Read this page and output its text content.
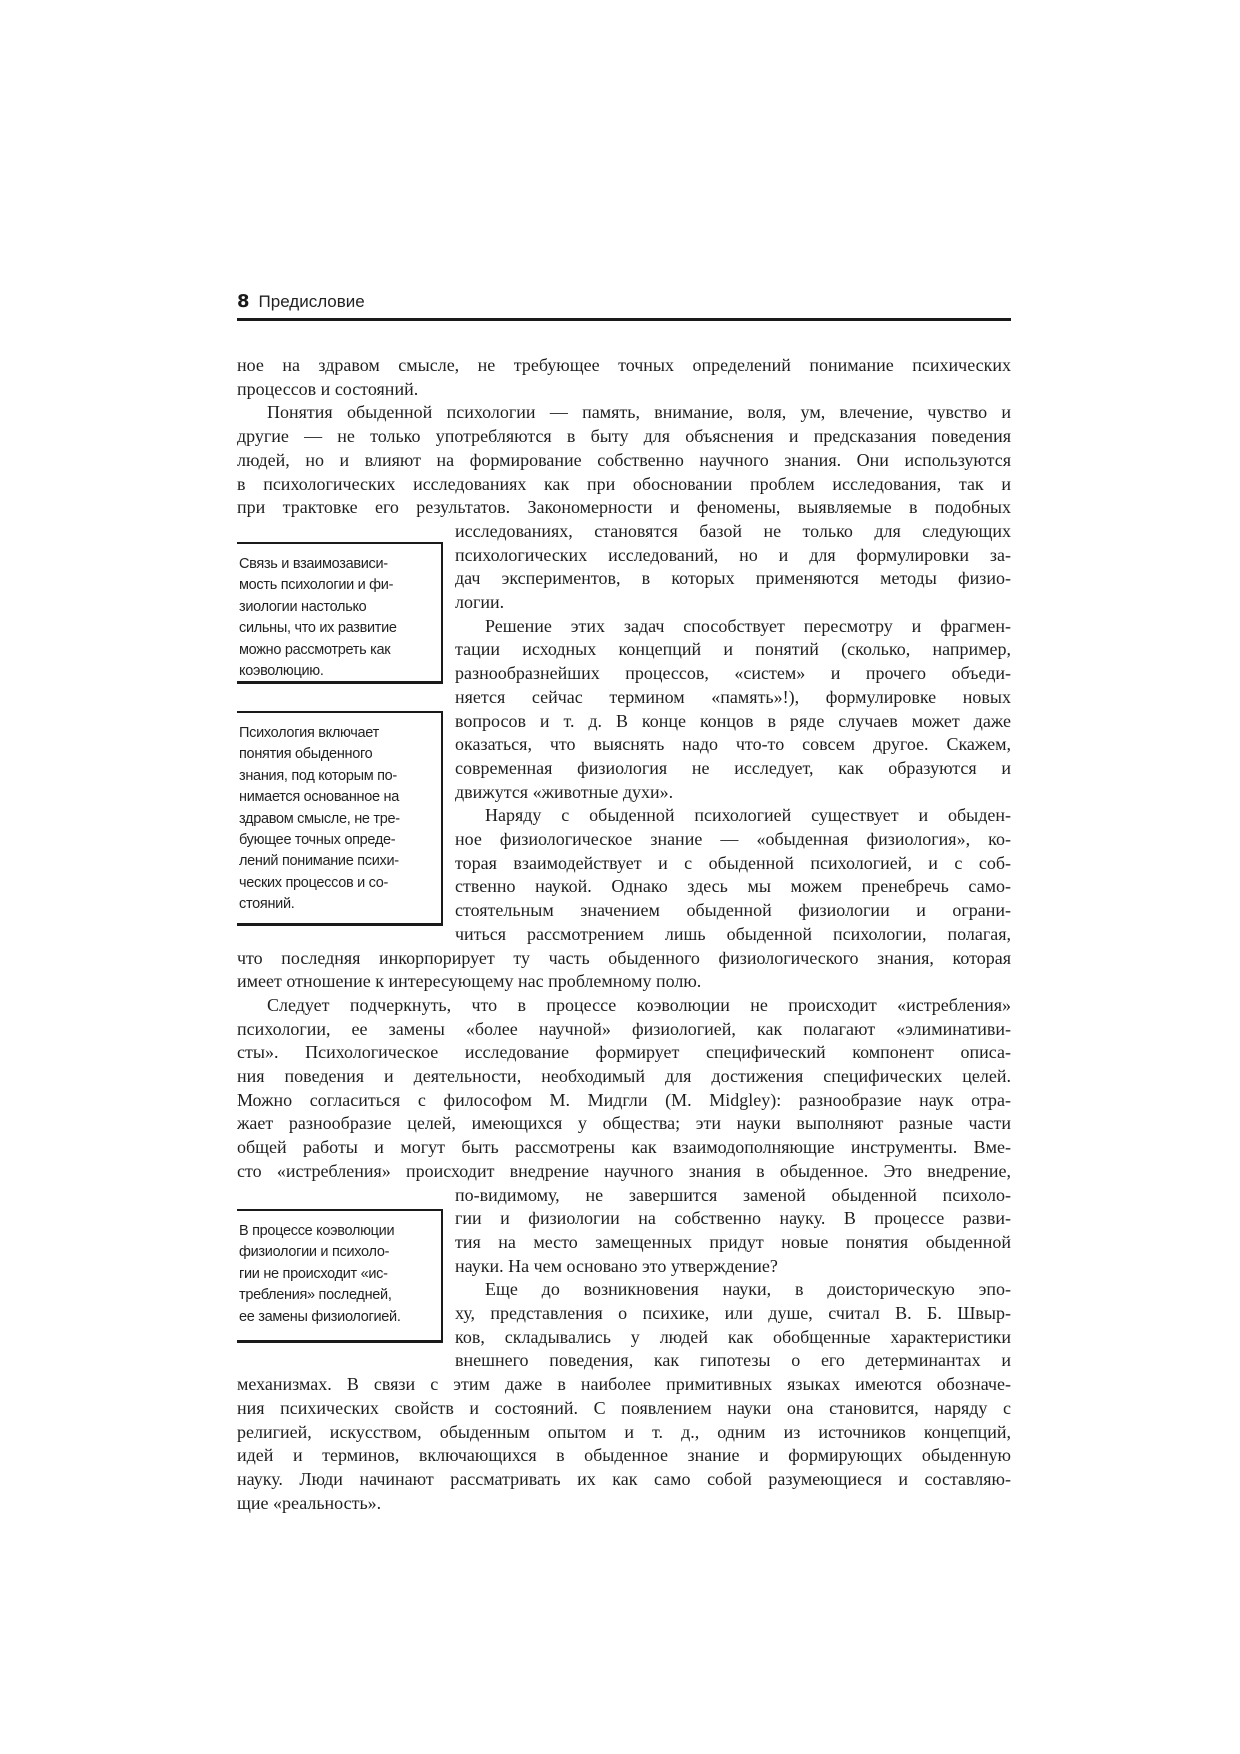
8 Предисловие
ное на здравом смысле, не требующее точных определений понимание психических
процессов и состояний.
Понятия обыденной психологии — память, внимание, воля, ум, влечение, чувство и
другие — не только употребляются в быту для объяснения и предсказания поведения
людей, но и влияют на формирование собственно научного знания. Они используются
в психологических исследованиях как при обосновании проблем исследования, так и
при трактовке его результатов. Закономерности и феномены, выявляемые в подобных
исследованиях, становятся базой не только для следующих
психологических исследований, но и для формулировки за-
дач экспериментов, в которых применяются методы физио-
логии.
Решение этих задач способствует пересмотру и фрагмен-
тации исходных концепций и понятий (сколько, например,
разнообразнейших процессов, «систем» и прочего объеди-
няется сейчас термином «память»!), формулировке новых
вопросов и т. д. В конце концов в ряде случаев может даже
оказаться, что выяснять надо что-то совсем другое. Скажем,
современная физиология не исследует, как образуются и
движутся «животные духи».
Наряду с обыденной психологией существует и обыден-
ное физиологическое знание — «обыденная физиология», ко-
торая взаимодействует и с обыденной психологией, и с соб-
ственно наукой. Однако здесь мы можем пренебречь само-
стоятельным значением обыденной физиологии и ограни-
читься рассмотрением лишь обыденной психологии, полагая,
что последняя инкорпорирует ту часть обыденного физиологического знания, которая
имеет отношение к интересующему нас проблемному полю.
Следует подчеркнуть, что в процессе коэволюции не происходит «истребления»
психологии, ее замены «более научной» физиологией, как полагают «элиминативи-
сты». Психологическое исследование формирует специфический компонент описа-
ния поведения и деятельности, необходимый для достижения специфических целей.
Можно согласиться с философом М. Мидгли (M. Midgley): разнообразие наук отра-
жает разнообразие целей, имеющихся у общества; эти науки выполняют разные части
общей работы и могут быть рассмотрены как взаимодополняющие инструменты. Вме-
сто «истребления» происходит внедрение научного знания в обыденное. Это внедрение,
по-видимому, не завершится заменой обыденной психоло-
гии и физиологии на собственно науку. В процессе разви-
тия на место замещенных придут новые понятия обыденной
науки. На чем основано это утверждение?
Еще до возникновения науки, в доисторическую эпо-
ху, представления о психике, или душе, считал В. Б. Швыр-
ков, складывались у людей как обобщенные характеристики
внешнего поведения, как гипотезы о его детерминантах и
механизмах. В связи с этим даже в наиболее примитивных языках имеются обозначе-
ния психических свойств и состояний. С появлением науки она становится, наряду с
религией, искусством, обыденным опытом и т. д., одним из источников концепций,
идей и терминов, включающихся в обыденное знание и формирующих обыденную
науку. Люди начинают рассматривать их как само собой разумеющиеся и составляю-
щие «реальность».
Связь и взаимозависи-
мость психологии и фи-
зиологии настолько
сильны, что их развитие
можно рассмотреть как
коэволюцию.
Психология включает
понятия обыденного
знания, под которым по-
нимается основанное на
здравом смысле, не тре-
бующее точных опреде-
лений понимание психи-
ческих процессов и со-
стояний.
В процессе коэволюции
физиологии и психоло-
гии не происходит «ис-
требления» последней,
ее замены физиологией.
